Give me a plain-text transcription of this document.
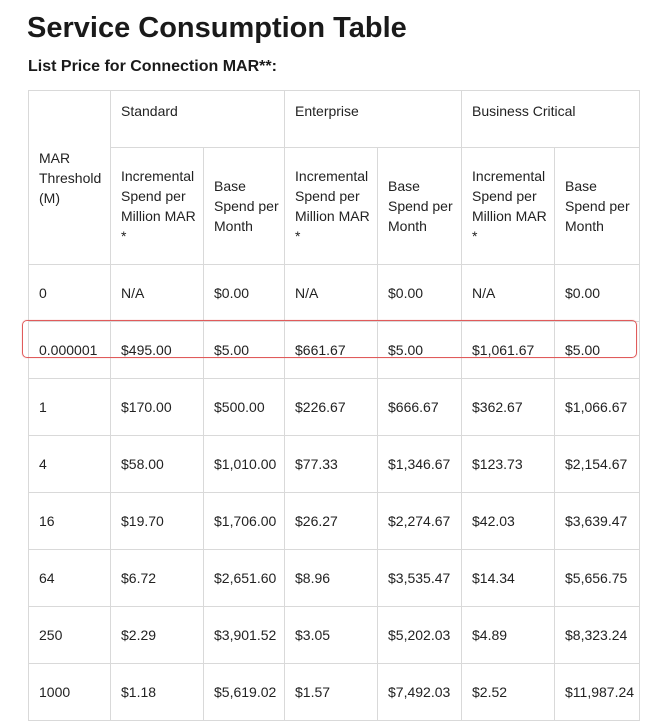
Service Consumption Table

List Price for Connection MAR**:

MAR Threshold (M)	Standard		Enterprise		Business Critical	
	Incremental Spend per Million MAR *	Base Spend per Month	Incremental Spend per Million MAR *	Base Spend per Month	Incremental Spend per Million MAR *	Base Spend per Month
0	N/A	$0.00	N/A	$0.00	N/A	$0.00
0.000001	$495.00	$5.00	$661.67	$5.00	$1,061.67	$5.00
1	$170.00	$500.00	$226.67	$666.67	$362.67	$1,066.67
4	$58.00	$1,010.00	$77.33	$1,346.67	$123.73	$2,154.67
16	$19.70	$1,706.00	$26.27	$2,274.67	$42.03	$3,639.47
64	$6.72	$2,651.60	$8.96	$3,535.47	$14.34	$5,656.75
250	$2.29	$3,901.52	$3.05	$5,202.03	$4.89	$8,323.24
1000	$1.18	$5,619.02	$1.57	$7,492.03	$2.52	$11,987.24
